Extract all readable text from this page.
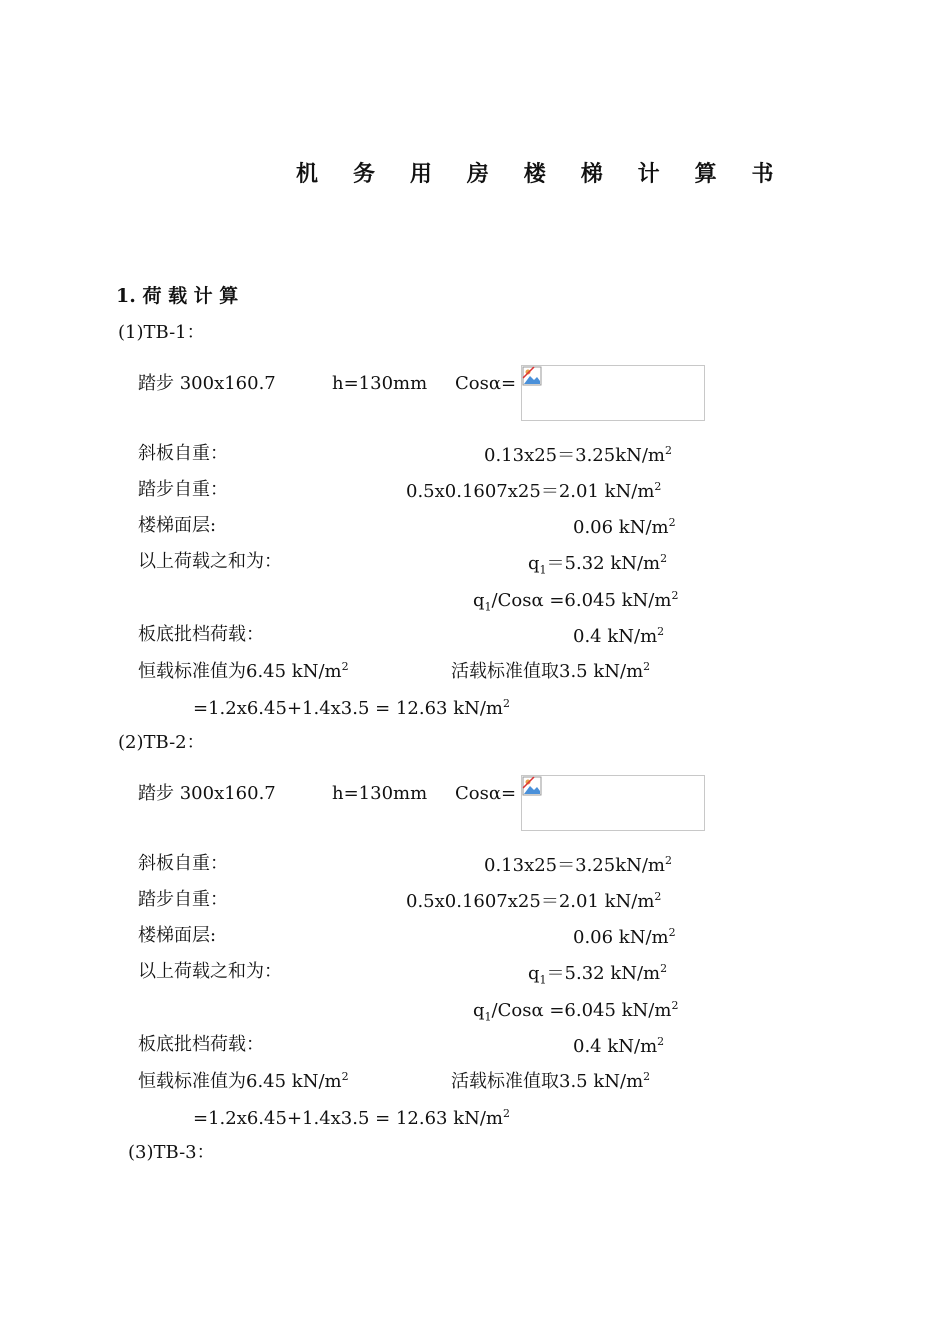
机 务 用 房 楼 梯 计 算 书
1. 荷 载 计 算
(1)TB-1：
踏步 300x160.7	h=130mm Cosα=
斜板自重：	$0.13x25=3.25kN/m^2$
踏步自重：	0.5x0.1607x25＝2.01 $kN/m^2$
楼梯面层:	0.06 $kN/m^2$
以上荷载之和为：	$q_1=5.32$ $kN/m^2$
$q_1$/Cosα =6.045 $kN/m^2$
板底批档荷载：	0.4 $kN/m^2$
恒载标准值为6.45 $kN/m^2$	活载标准值取3.5 $kN/m^2$
=1.2x6.45+1.4x3.5 = 12.63 $kN/m^2$
(2)TB-2：
踏步 300x160.7	h=130mm Cosα=
斜板自重：	$0.13x25=3.25kN/m^2$
踏步自重：	0.5x0.1607x25＝2.01 $kN/m^2$
楼梯面层:	0.06 $kN/m^2$
以上荷载之和为：	$q_1=5.32$ $kN/m^2$
$q_1$/Cosα =6.045 $kN/m^2$
板底批档荷载：	0.4 $kN/m^2$
恒载标准值为6.45 $kN/m^2$	活载标准值取3.5 $kN/m^2$
=1.2x6.45+1.4x3.5 = 12.63 $kN/m^2$
(3)TB-3：
